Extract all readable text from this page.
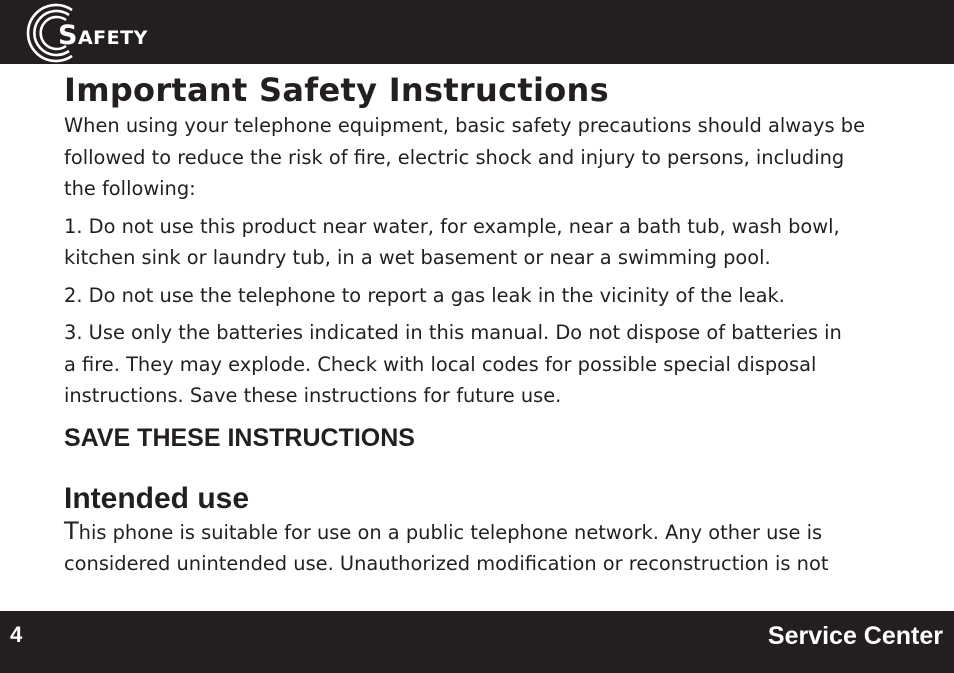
SAFETY
Important Safety Instructions

When using your telephone equipment, basic safety precautions should always be
followed to reduce the risk of fire, electric shock and injury to persons, including
the following:

1. Do not use this product near water, for example, near a bath tub, wash bowl,
kitchen sink or laundry tub, in a wet basement or near a swimming pool.

2. Do not use the telephone to report a gas leak in the vicinity of the leak.

3. Use only the batteries indicated in this manual. Do not dispose of batteries in
a fire. They may explode. Check with local codes for possible special disposal
instructions. Save these instructions for future use.

SAVE THESE INSTRUCTIONS
Intended use

This phone is suitable for use on a public telephone network. Any other use is
considered unintended use. Unauthorized modification or reconstruction is not

4	Service Center
